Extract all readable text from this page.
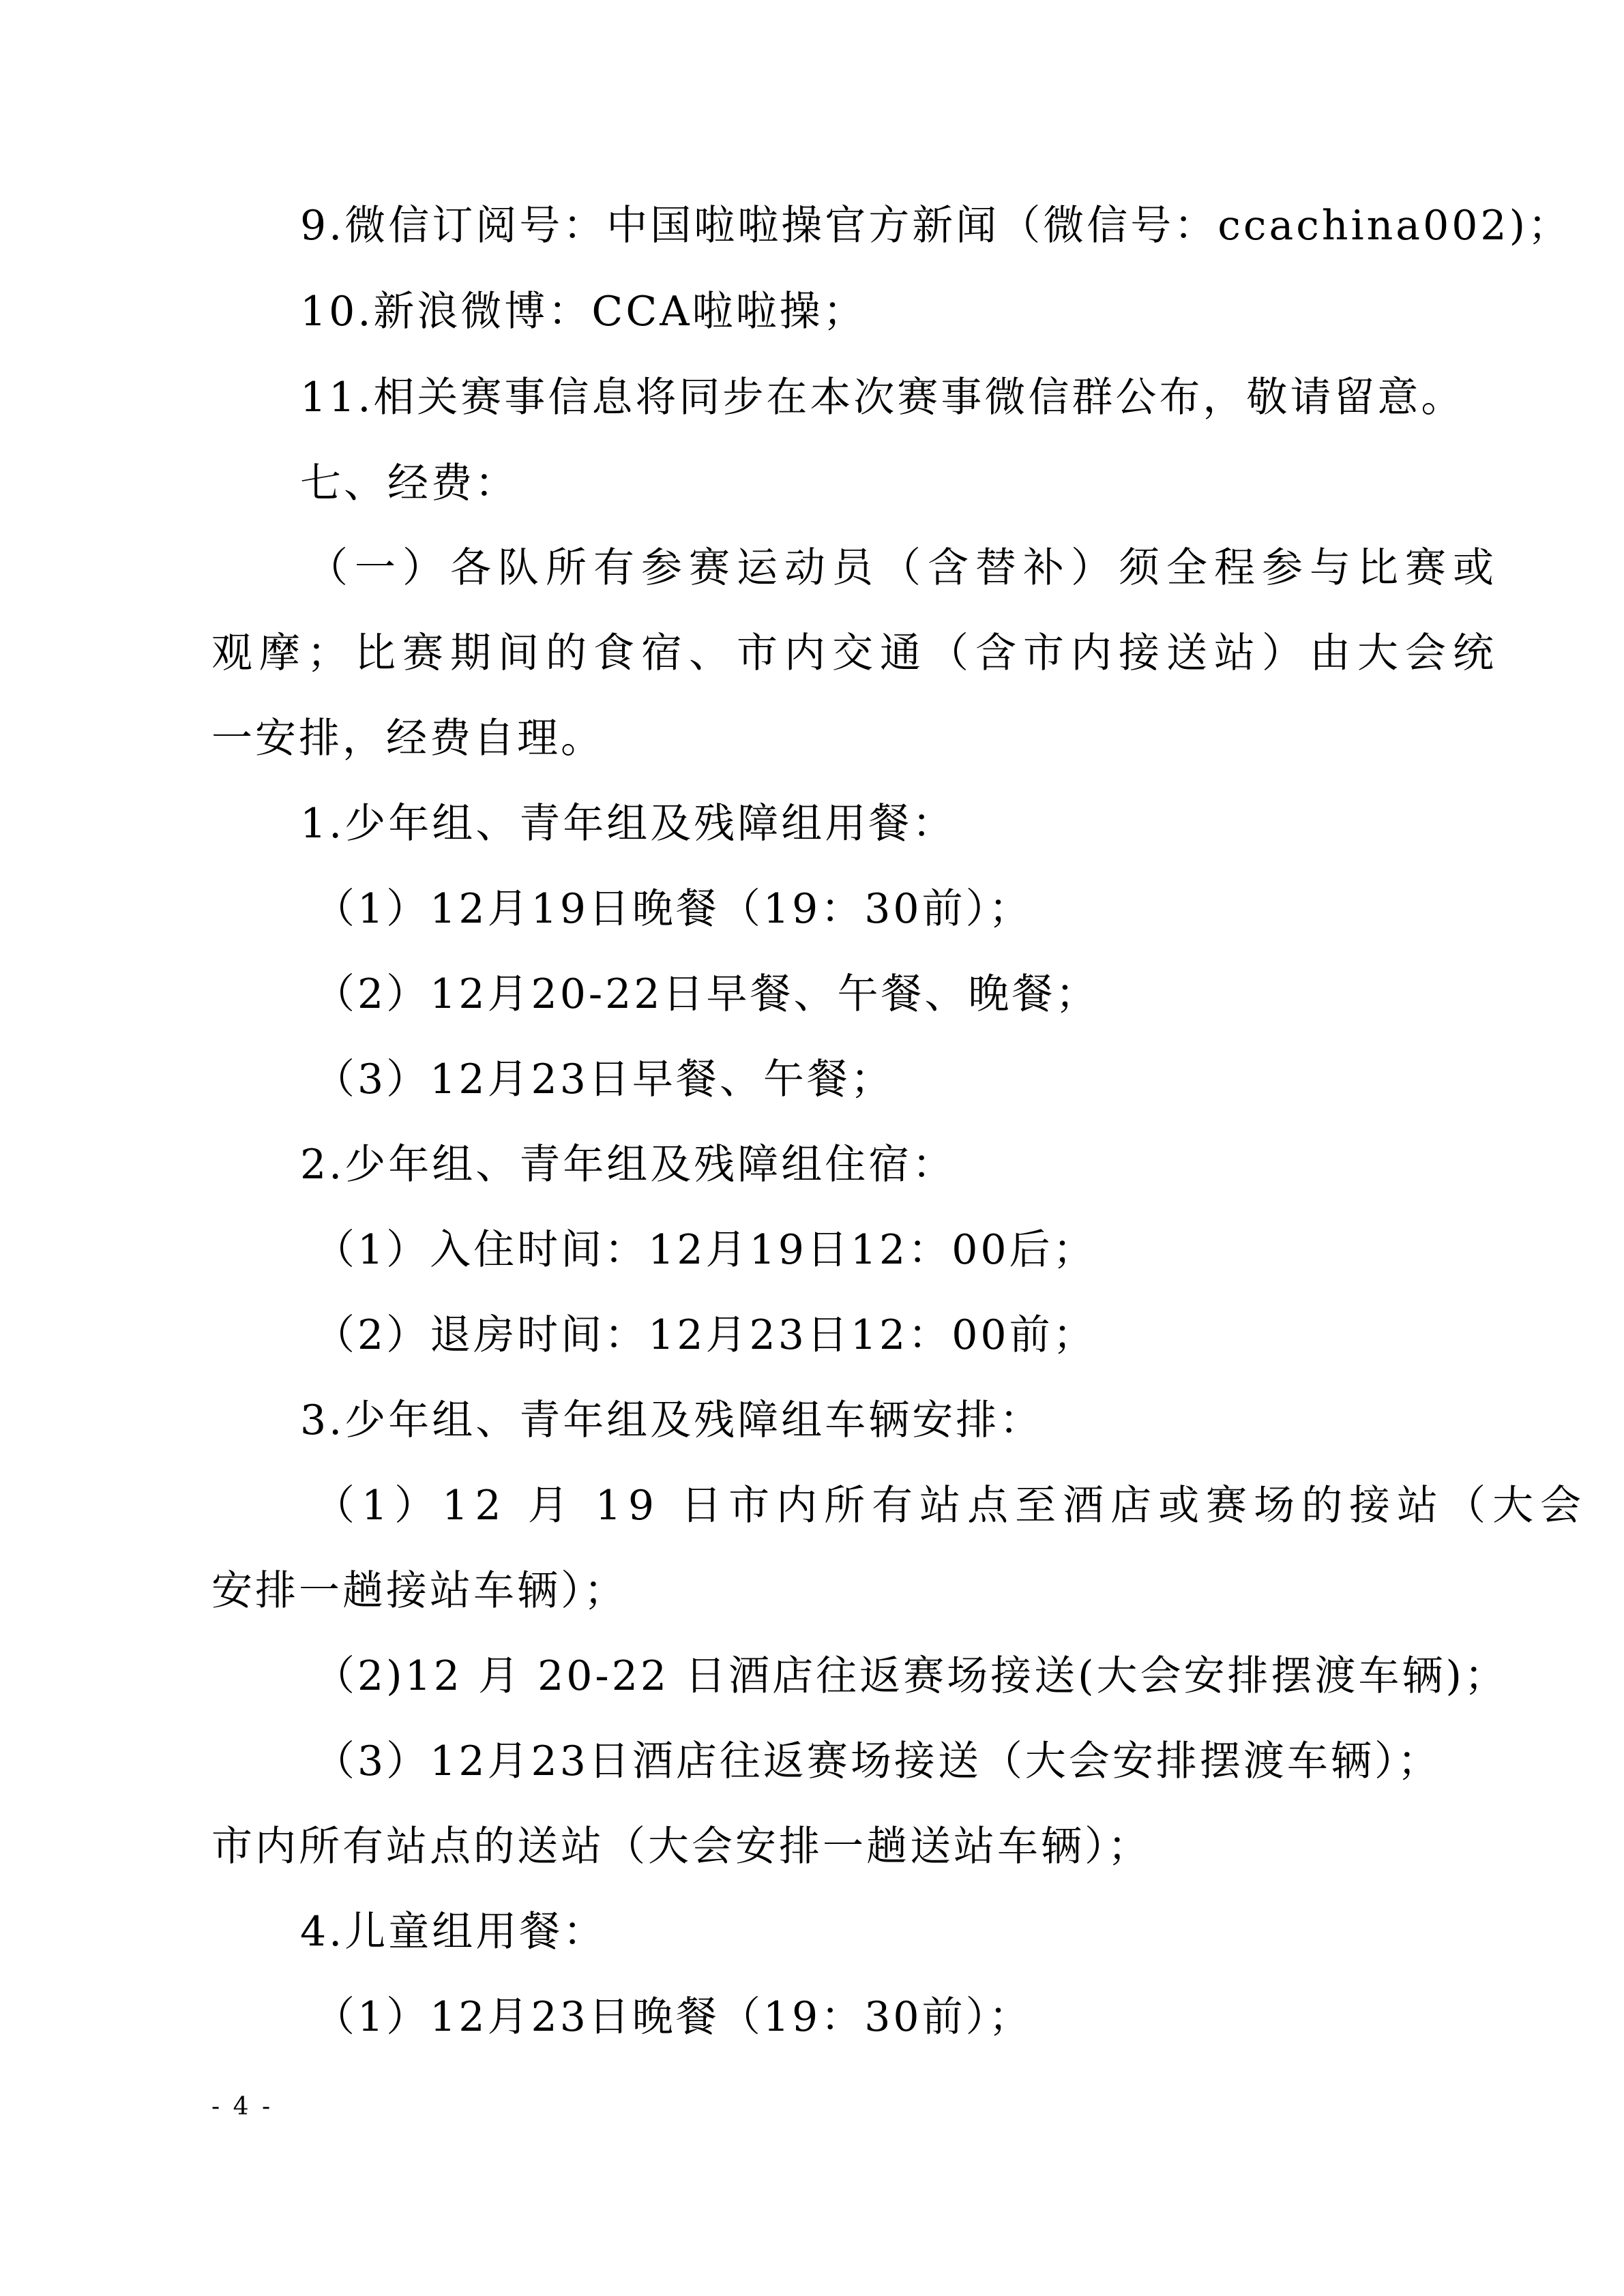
9.微信订阅号：中国啦啦操官方新闻（微信号：ccachina002)；
10.新浪微博：CCA啦啦操；
11.相关赛事信息将同步在本次赛事微信群公布，敬请留意。
七、经费：
（一）各队所有参赛运动员（含替补）须全程参与比赛或
观摩；比赛期间的食宿、市内交通（含市内接送站）由大会统
一安排，经费自理。
1.少年组、青年组及残障组用餐：
（1）12月19日晚餐（19：30前）；
（2）12月20-22日早餐、午餐、晚餐；
（3）12月23日早餐、午餐；
2.少年组、青年组及残障组住宿：
（1）入住时间：12月19日12：00后；
（2）退房时间：12月23日12：00前；
3.少年组、青年组及残障组车辆安排：
（1）12 月 19 日市内所有站点至酒店或赛场的接站（大会
安排一趟接站车辆）；
（2)12 月 20-22 日酒店往返赛场接送(大会安排摆渡车辆)；
（3）12月23日酒店往返赛场接送（大会安排摆渡车辆）；
市内所有站点的送站（大会安排一趟送站车辆）；
4.儿童组用餐：
（1）12月23日晚餐（19：30前）；
- 4 -
